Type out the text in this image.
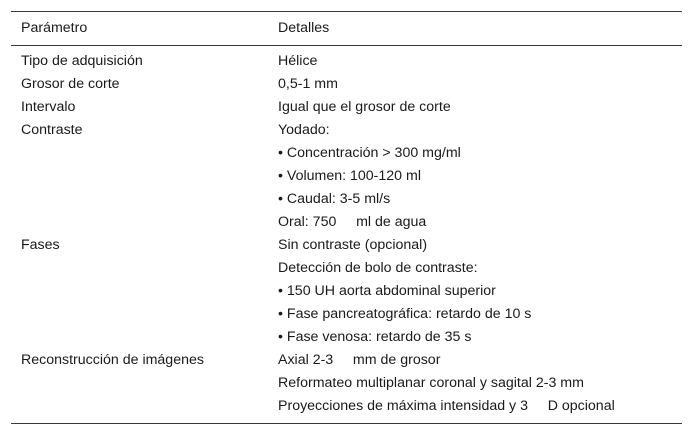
Parámetro	Detalles

Tipo de adquisición	Hélice

Grosor de corte	0,5-1 mm

Intervalo	Igual que el grosor de corte

Contraste	Yodado:
• Concentración > 300 mg/ml
• Volumen: 100-120 ml
• Caudal: 3-5 ml/s
Oral: 750     ml de agua

Fases	Sin contraste (opcional)
Detección de bolo de contraste:
• 150 UH aorta abdominal superior
• Fase pancreatográfica: retardo de 10 s
• Fase venosa: retardo de 35 s

Reconstrucción de imágenes	Axial 2-3     mm de grosor
Reformateo multiplanar coronal y sagital 2-3 mm
Proyecciones de máxima intensidad y 3     D opcional
